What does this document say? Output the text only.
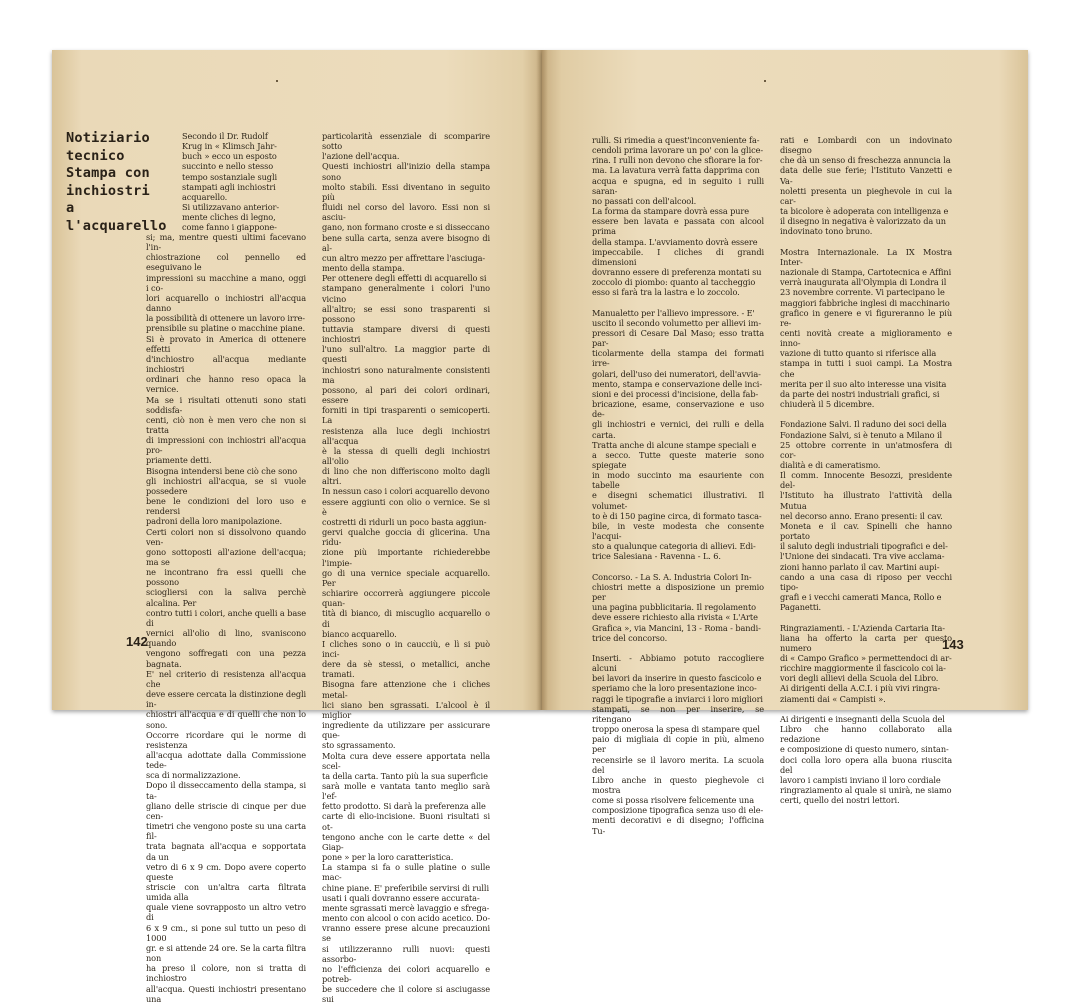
Notiziario
tecnico
Stampa con
inchiostri a
l'acquarello
Secondo il Dr. Rudolf
Krug in « Klimsch Jahr-
buch » ecco un esposto
succinto e nello stesso
tempo sostanziale sugli
stampati agli inchiostri
acquarello.
Si utilizzavano anterior-
mente cliches di legno,
come fanno i giappone-
si; ma, mentre questi ultimi facevano l'in-
chiostrazione col pennello ed eseguivano le
impressioni su macchine a mano, oggi i co-
lori acquarello o inchiostri all'acqua danno
la possibilità di ottenere un lavoro irre-
prensibile su platine o macchine piane.
Si è provato in America di ottenere effetti
d'inchiostro all'acqua mediante inchiostri
ordinari che hanno reso opaca la vernice.
Ma se i risultati ottenuti sono stati soddisfa-
centi, ciò non è men vero che non si tratta
di impressioni con inchiostri all'acqua pro-
priamente detti.
Bisogna intendersi bene ciò che sono
gli inchiostri all'acqua, se si vuole possedere
bene le condizioni del loro uso e rendersi
padroni della loro manipolazione.
Certi colori non si dissolvono quando ven-
gono sottoposti all'azione dell'acqua; ma se
ne incontrano fra essi quelli che possono
sciogliersi con la saliva perchè alcalina. Per
contro tutti i colori, anche quelli a base di
vernici all'olio di lino, svaniscono quando
vengono soffregati con una pezza bagnata.
E' nel criterio di resistenza all'acqua che
deve essere cercata la distinzione degli in-
chiostri all'acqua e di quelli che non lo sono.
Occorre ricordare qui le norme di resistenza
all'acqua adottate dalla Commissione tede-
sca di normalizzazione.
Dopo il disseccamento della stampa, si ta-
gliano delle striscie di cinque per due cen-
timetri che vengono poste su una carta fil-
trata bagnata all'acqua e sopportata da un
vetro di 6 x 9 cm. Dopo avere coperto queste
striscie con un'altra carta filtrata umida alla
quale viene sovrapposto un altro vetro di
6 x 9 cm., si pone sul tutto un peso di 1000
gr. e si attende 24 ore. Se la carta filtra non
ha preso il colore, non si tratta di inchiostro
all'acqua. Questi inchiostri presentano una
particolarità essenziale di scomparire sotto
l'azione dell'acqua.
Questi inchiostri all'inizio della stampa sono
molto stabili. Essi diventano in seguito più
fluidi nel corso del lavoro. Essi non si asciu-
gano, non formano croste e si disseccano
bene sulla carta, senza avere bisogno di al-
cun altro mezzo per affrettare l'asciuga-
mento della stampa.
Per ottenere degli effetti di acquarello si
stampano generalmente i colori l'uno vicino
all'altro; se essi sono trasparenti si possono
tuttavia stampare diversi di questi inchiostri
l'uno sull'altro. La maggior parte di questi
inchiostri sono naturalmente consistenti ma
possono, al pari dei colori ordinari, essere
forniti in tipi trasparenti o semicoperti. La
resistenza alla luce degli inchiostri all'acqua
è la stessa di quelli degli inchiostri all'olio
di lino che non differiscono molto dagli altri.
In nessun caso i colori acquarello devono
essere aggiunti con olio o vernice. Se si è
costretti di ridurli un poco basta aggiun-
gervi qualche goccia di glicerina. Una ridu-
zione più importante richiederebbe l'impie-
go di una vernice speciale acquarello. Per
schiarire occorrerà aggiungere piccole quan-
tità di bianco, di miscuglio acquarello o di
bianco acquarello.
I cliches sono o in caucciù, e lì si può inci-
dere da sè stessi, o metallici, anche tramati.
Bisogna fare attenzione che i cliches metal-
lici siano ben sgrassati. L'alcool è il miglior
ingrediente da utilizzare per assicurare que-
sto sgrassamento.
Molta cura deve essere apportata nella scel-
ta della carta. Tanto più la sua superficie
sarà molle e vantata tanto meglio sarà l'ef-
fetto prodotto. Si darà la preferenza alle
carte di elio-incisione. Buoni risultati si ot-
tengono anche con le carte dette « del Giap-
pone » per la loro caratteristica.
La stampa si fa o sulle platine o sulle mac-
chine piane. E' preferibile servirsi di rulli
usati i quali dovranno essere accurata-
mente sgrassati mercè lavaggio e sfrega-
mento con alcool o con acido acetico. Do-
vranno essere prese alcune precauzioni se
si utilizzeranno rulli nuovi: questi assorbo-
no l'efficienza dei colori acquarello e potreb-
be succedere che il colore si asciugasse sui
142
rulli. Si rimedia a quest'inconveniente fa-
cendoli prima lavorare un po' con la glice-
rina. I rulli non devono che sfiorare la for-
ma. La lavatura verrà fatta dapprima con
acqua e spugna, ed in seguito i rulli saran-
no passati con dell'alcool.
La forma da stampare dovrà essa pure
essere ben lavata e passata con alcool prima
della stampa. L'avviamento dovrà essere
impeccabile. I cliches di grandi dimensioni
dovranno essere di preferenza montati su
zoccolo di piombo: quanto al taccheggio
esso si farà tra la lastra e lo zoccolo.

Manualetto per l'allievo impressore. - E'
uscito il secondo volumetto per allievi im-
pressori di Cesare Dal Maso; esso tratta par-
ticolarmente della stampa dei formati irre-
golari, dell'uso dei numeratori, dell'avvia-
mento, stampa e conservazione delle inci-
sioni e dei processi d'incisione, della fab-
bricazione, esame, conservazione e uso de-
gli inchiostri e vernici, dei rulli e della carta.
Tratta anche di alcune stampe speciali e
a secco. Tutte queste materie sono spiegate
in modo succinto ma esauriente con tabelle
e disegni schematici illustrativi. Il volumet-
to è di 150 pagine circa, di formato tasca-
bile, in veste modesta che consente l'acqui-
sto a qualunque categoria di allievi. Edi-
trice Salesiana - Ravenna - L. 6.

Concorso. - La S. A. Industria Colori In-
chiostri mette a disposizione un premio per
una pagina pubblicitaria. Il regolamento
deve essere richiesto alla rivista « L'Arte
Grafica », via Mancini, 13 - Roma - bandi-
trice del concorso.

Inserti. - Abbiamo potuto raccogliere alcuni
bei lavori da inserire in questo fascicolo e
speriamo che la loro presentazione inco-
raggi le tipografie a inviarci i loro migliori
stampati, se non per inserire, se ritengano
troppo onerosa la spesa di stampare quel
paio di migliaia di copie in più, almeno per
recensirle se il lavoro merita. La scuola del
Libro anche in questo pieghevole ci mostra
come si possa risolvere felicemente una
composizione tipografica senza uso di ele-
menti decorativi e di disegno; l'officina Tu-
rati e Lombardi con un indovinato disegno
che dà un senso di freschezza annuncia la
data delle sue ferie; l'Istituto Vanzetti e Va-
noletti presenta un pieghevole in cui la car-
ta bicolore è adoperata con intelligenza e
il disegno in negativa è valorizzato da un
indovinato tono bruno.

Mostra Internazionale. La IX Mostra Inter-
nazionale di Stampa, Cartotecnica e Affini
verrà inaugurata all'Olympia di Londra il
23 novembre corrente. Vi partecipano le
maggiori fabbriche inglesi di macchinario
grafico in genere e vi figureranno le più re-
centi novità create a miglioramento e inno-
vazione di tutto quanto si riferisce alla
stampa in tutti i suoi campi. La Mostra che
merita per il suo alto interesse una visita
da parte dei nostri industriali grafici, si
chiuderà il 5 dicembre.

Fondazione Salvi. Il raduno dei soci della
Fondazione Salvi, si è tenuto a Milano il
25 ottobre corrente in un'atmosfera di cor-
dialità e di cameratismo.
Il comm. Innocente Besozzi, presidente del-
l'Istituto ha illustrato l'attività della Mutua
nel decorso anno. Erano presenti: il cav.
Moneta e il cav. Spinelli che hanno portato
il saluto degli industriali tipografici e del-
l'Unione dei sindacati. Tra vive acclama-
zioni hanno parlato il cav. Martini aupi-
cando a una casa di riposo per vecchi tipo-
grafi e i vecchi camerati Manca, Rollo e
Paganetti.

Ringraziamenti. - L'Azienda Cartaria Ita-
liana ha offerto la carta per questo numero
di « Campo Grafico » permettendoci di ar-
ricchire maggiormente il fascicolo coi la-
vori degli allievi della Scuola del Libro.
Ai dirigenti della A.C.I. i più vivi ringra-
ziamenti dai « Campisti ».

Ai dirigenti e insegnanti della Scuola del
Libro che hanno collaborato alla redazione
e composizione di questo numero, sintan-
doci colla loro opera alla buona riuscita del
lavoro i campisti inviano il loro cordiale
ringraziamento al quale si unirà, ne siamo
certi, quello dei nostri lettori.
143
